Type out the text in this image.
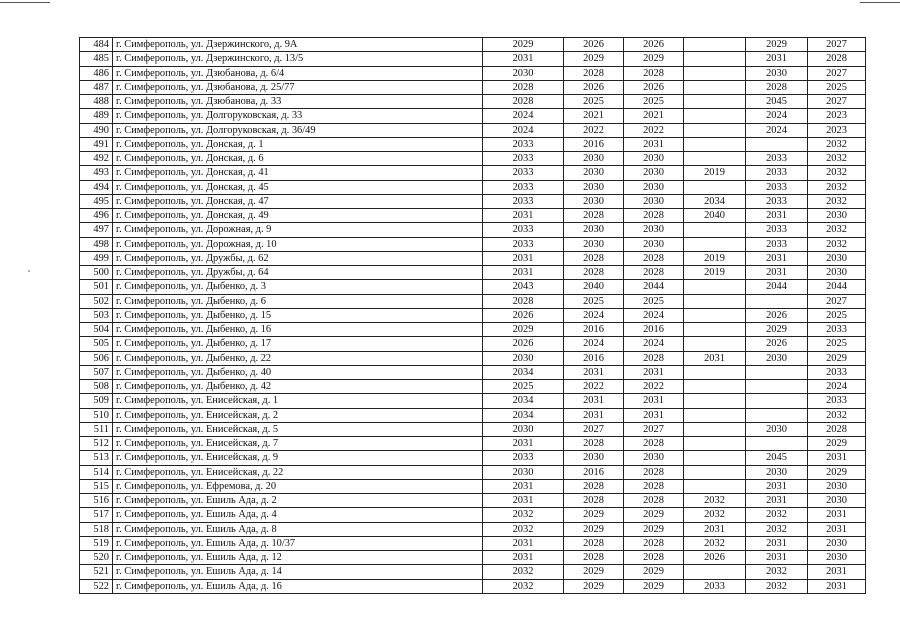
484	г. Симферополь, ул. Дзержинского, д. 9А	2029	2026	2026		2029	2027
485	г. Симферополь, ул. Дзержинского, д. 13/5	2031	2029	2029		2031	2028
486	г. Симферополь, ул. Дзюбанова, д. 6/4	2030	2028	2028		2030	2027
487	г. Симферополь, ул. Дзюбанова, д. 25/77	2028	2026	2026		2028	2025
488	г. Симферополь, ул. Дзюбанова, д. 33	2028	2025	2025		2045	2027
489	г. Симферополь, ул. Долгоруковская, д. 33	2024	2021	2021		2024	2023
490	г. Симферополь, ул. Долгоруковская, д. 36/49	2024	2022	2022		2024	2023
491	г. Симферополь, ул. Донская, д. 1	2033	2016	2031			2032
492	г. Симферополь, ул. Донская, д. 6	2033	2030	2030		2033	2032
493	г. Симферополь, ул. Донская, д. 41	2033	2030	2030	2019	2033	2032
494	г. Симферополь, ул. Донская, д. 45	2033	2030	2030		2033	2032
495	г. Симферополь, ул. Донская, д. 47	2033	2030	2030	2034	2033	2032
496	г. Симферополь, ул. Донская, д. 49	2031	2028	2028	2040	2031	2030
497	г. Симферополь, ул. Дорожная, д. 9	2033	2030	2030		2033	2032
498	г. Симферополь, ул. Дорожная, д. 10	2033	2030	2030		2033	2032
499	г. Симферополь, ул. Дружбы, д. 62	2031	2028	2028	2019	2031	2030
500	г. Симферополь, ул. Дружбы, д. 64	2031	2028	2028	2019	2031	2030
501	г. Симферополь, ул. Дыбенко, д. 3	2043	2040	2044		2044	2044
502	г. Симферополь, ул. Дыбенко, д. 6	2028	2025	2025			2027
503	г. Симферополь, ул. Дыбенко, д. 15	2026	2024	2024		2026	2025
504	г. Симферополь, ул. Дыбенко, д. 16	2029	2016	2016		2029	2033
505	г. Симферополь, ул. Дыбенко, д. 17	2026	2024	2024		2026	2025
506	г. Симферополь, ул. Дыбенко, д. 22	2030	2016	2028	2031	2030	2029
507	г. Симферополь, ул. Дыбенко, д. 40	2034	2031	2031			2033
508	г. Симферополь, ул. Дыбенко, д. 42	2025	2022	2022			2024
509	г. Симферополь, ул. Енисейская, д. 1	2034	2031	2031			2033
510	г. Симферополь, ул. Енисейская, д. 2	2034	2031	2031			2032
511	г. Симферополь, ул. Енисейская, д. 5	2030	2027	2027		2030	2028
512	г. Симферополь, ул. Енисейская, д. 7	2031	2028	2028			2029
513	г. Симферополь, ул. Енисейская, д. 9	2033	2030	2030		2045	2031
514	г. Симферополь, ул. Енисейская, д. 22	2030	2016	2028		2030	2029
515	г. Симферополь, ул. Ефремова, д. 20	2031	2028	2028		2031	2030
516	г. Симферополь, ул. Ешиль Ада, д. 2	2031	2028	2028	2032	2031	2030
517	г. Симферополь, ул. Ешиль Ада, д. 4	2032	2029	2029	2032	2032	2031
518	г. Симферополь, ул. Ешиль Ада, д. 8	2032	2029	2029	2031	2032	2031
519	г. Симферополь, ул. Ешиль Ада, д. 10/37	2031	2028	2028	2032	2031	2030
520	г. Симферополь, ул. Ешиль Ада, д. 12	2031	2028	2028	2026	2031	2030
521	г. Симферополь, ул. Ешиль Ада, д. 14	2032	2029	2029		2032	2031
522	г. Симферополь, ул. Ешиль Ада, д. 16	2032	2029	2029	2033	2032	2031
